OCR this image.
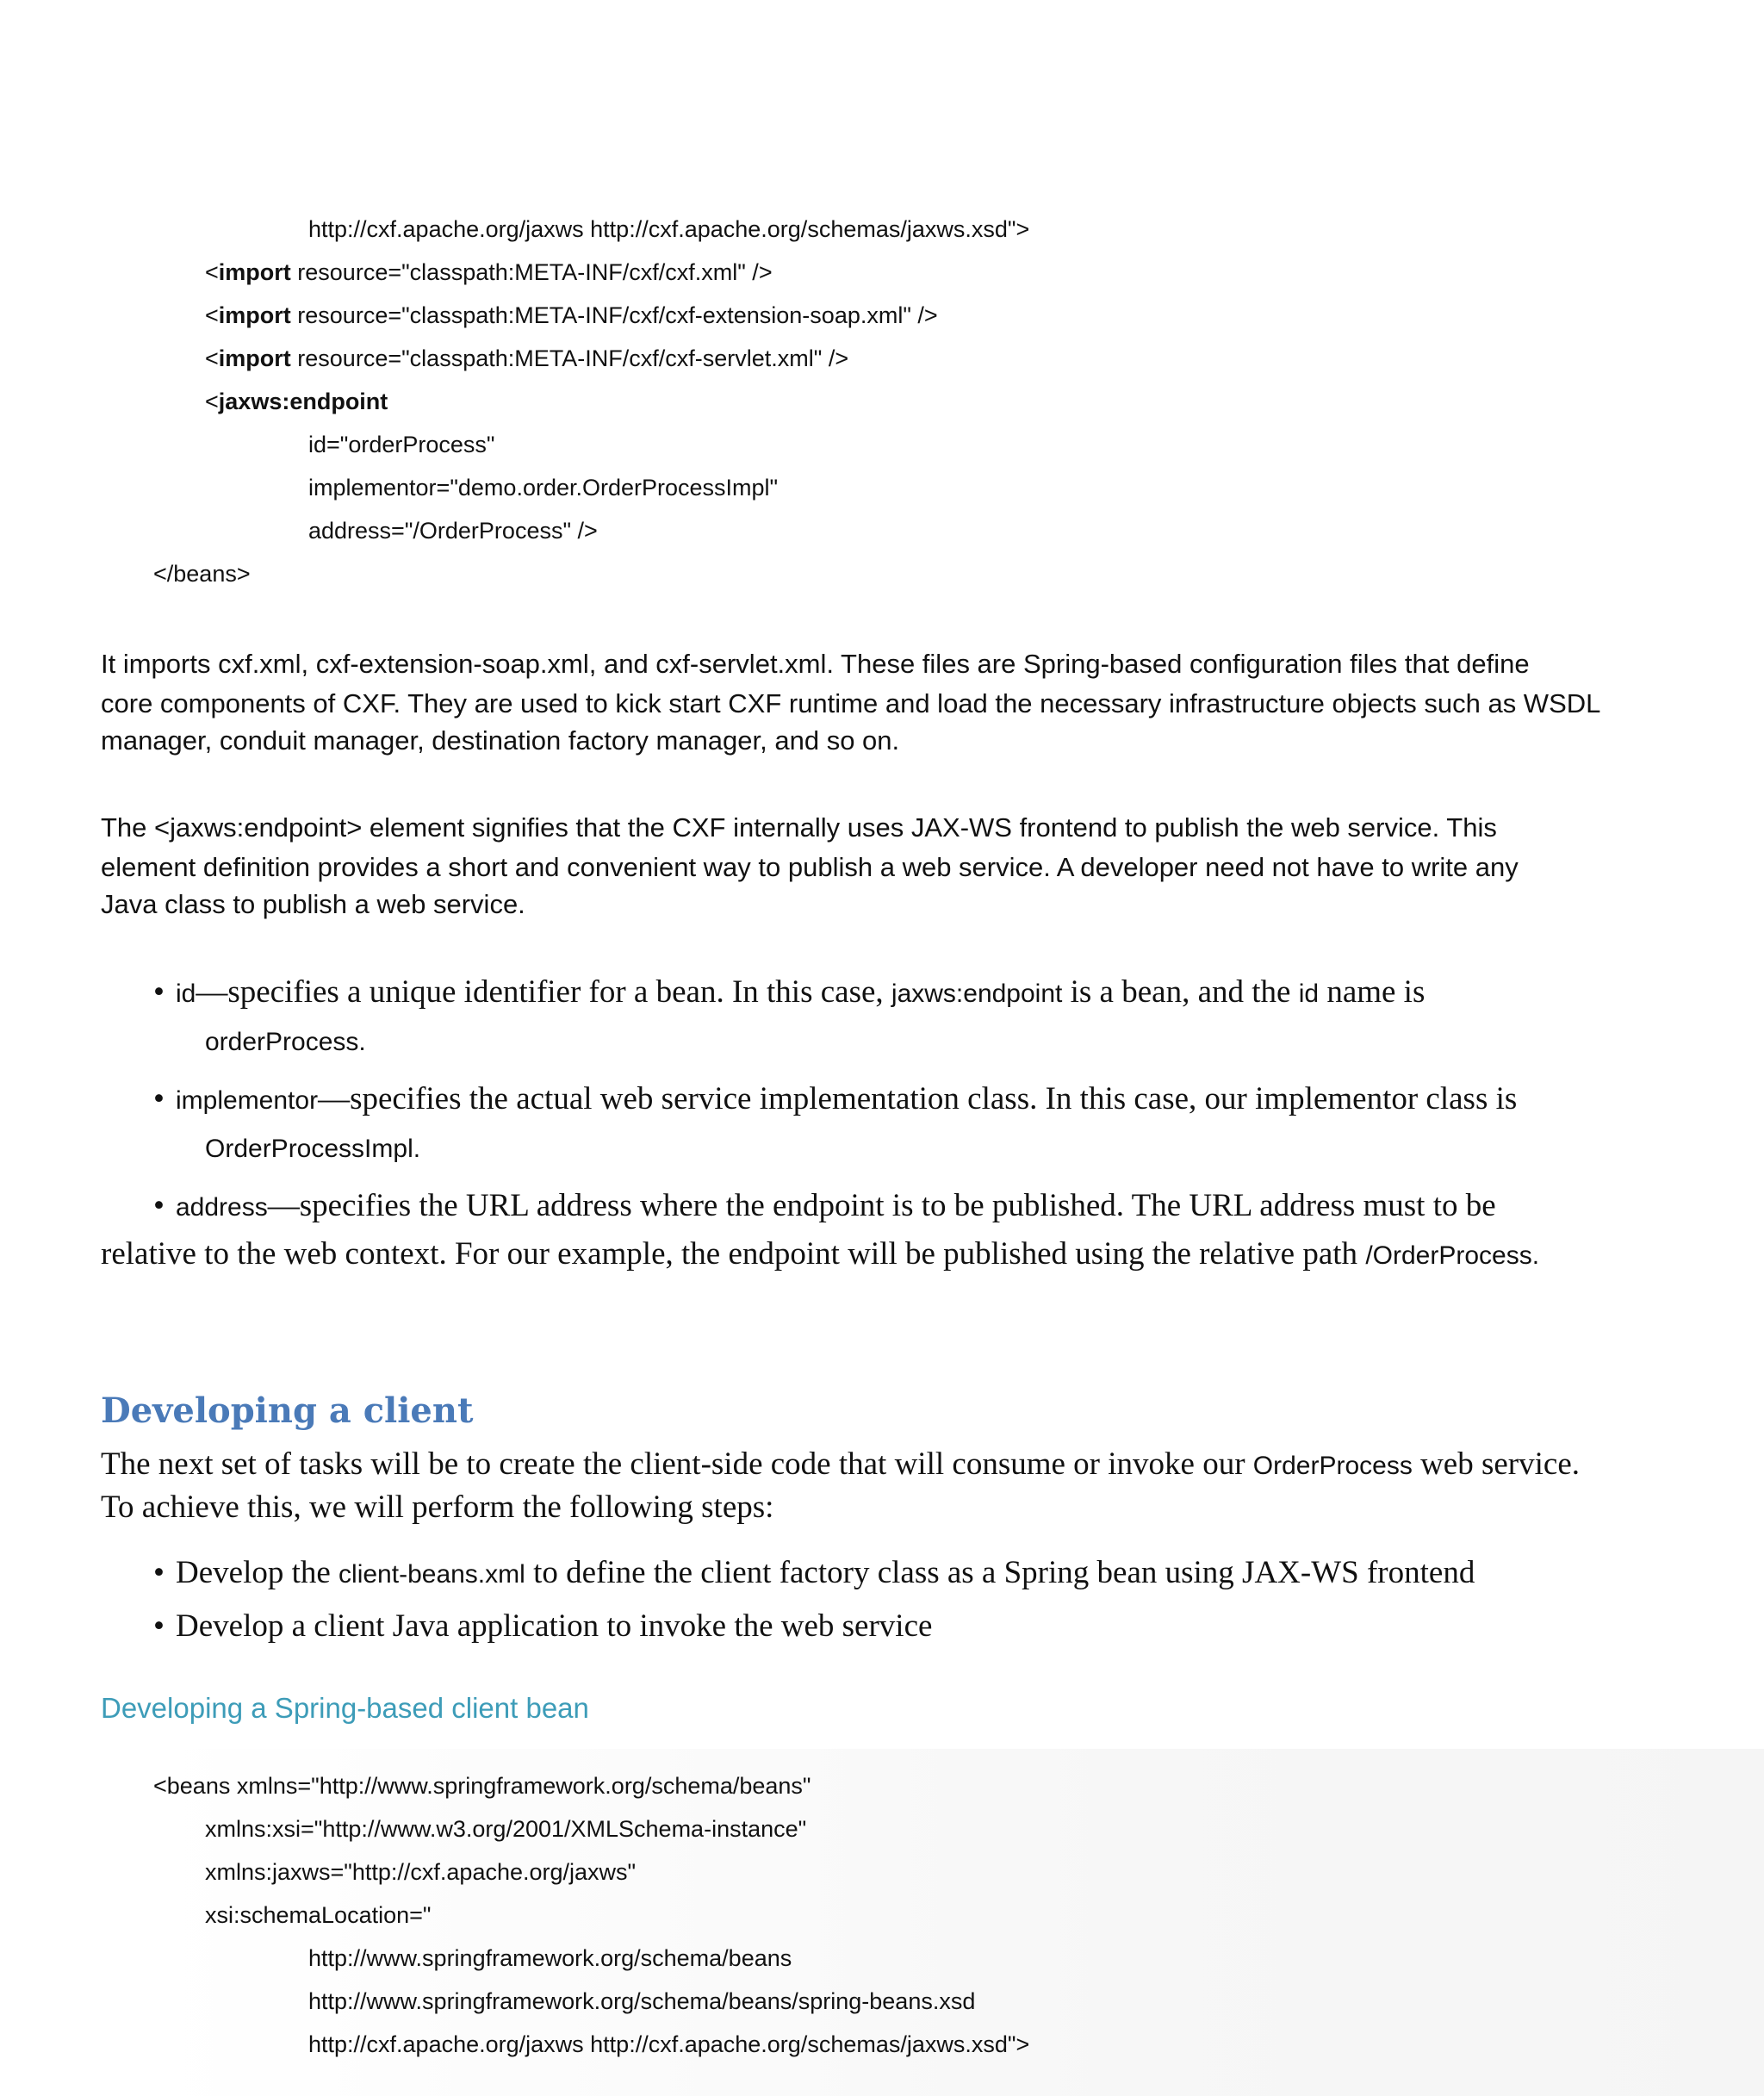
http://cxf.apache.org/jaxws http://cxf.apache.org/schemas/jaxws.xsd">
<import resource="classpath:META-INF/cxf/cxf.xml" />
<import resource="classpath:META-INF/cxf/cxf-extension-soap.xml" />
<import resource="classpath:META-INF/cxf/cxf-servlet.xml" />
<jaxws:endpoint
id="orderProcess"
implementor="demo.order.OrderProcessImpl"
address="/OrderProcess" />
</beans>
It imports cxf.xml, cxf-extension-soap.xml, and cxf-servlet.xml. These files are Spring-based configuration files that define
core components of CXF. They are used to kick start CXF runtime and load the necessary infrastructure objects such as WSDL
manager, conduit manager, destination factory manager, and so on.
The <jaxws:endpoint> element signifies that the CXF internally uses JAX-WS frontend to publish the web service. This
element definition provides a short and convenient way to publish a web service. A developer need not have to write any
Java class to publish a web service.
• id—specifies a unique identifier for a bean. In this case, jaxws:endpoint is a bean, and the id name is
orderProcess.
• implementor—specifies the actual web service implementation class. In this case, our implementor class is
OrderProcessImpl.
• address—specifies the URL address where the endpoint is to be published. The URL address must to be
relative to the web context. For our example, the endpoint will be published using the relative path /OrderProcess.
Developing a client
The next set of tasks will be to create the client-side code that will consume or invoke our OrderProcess web service.
To achieve this, we will perform the following steps:
• Develop the client-beans.xml to define the client factory class as a Spring bean using JAX-WS frontend
• Develop a client Java application to invoke the web service
Developing a Spring-based client bean
<beans xmlns="http://www.springframework.org/schema/beans"
xmlns:xsi="http://www.w3.org/2001/XMLSchema-instance"
xmlns:jaxws="http://cxf.apache.org/jaxws"
xsi:schemaLocation="
http://www.springframework.org/schema/beans
http://www.springframework.org/schema/beans/spring-beans.xsd
http://cxf.apache.org/jaxws http://cxf.apache.org/schemas/jaxws.xsd">
